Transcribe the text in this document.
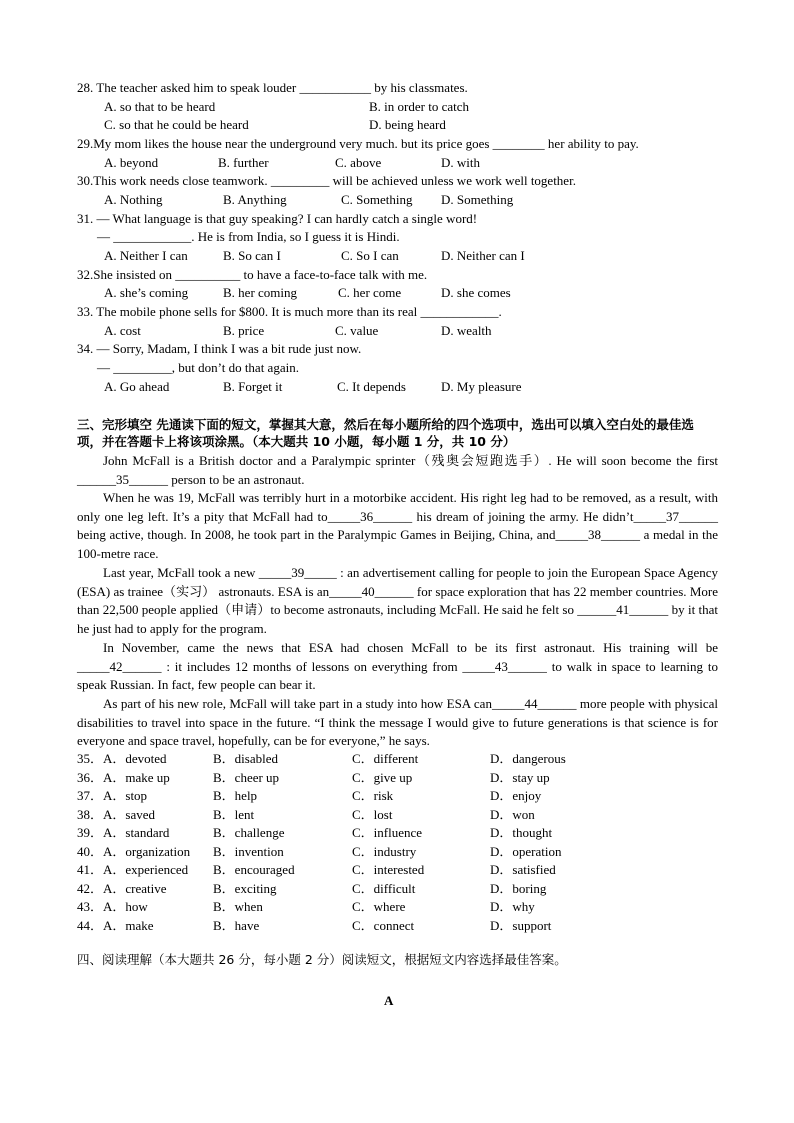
28. The teacher asked him to speak louder ___________ by his classmates.
A. so that to be heard	B. in order to catch
C. so that he could be heard	D. being heard
29.My mom likes the house near the underground very much. but its price goes ________ her ability to pay.
A. beyond	B. further	C. above	D. with
30.This work needs close teamwork. _________ will be achieved unless we work well together.
A. Nothing	B. Anything	C. Something D. Something
31. — What language is that guy speaking? I can hardly catch a single word!
— ____________. He is from India, so I guess it is Hindi.
A. Neither I can	B. So can I	C. So I can	D. Neither can I
32.She insisted on __________ to have a face-to-face talk with me.
A. she’s coming	B. her coming	C. her come	D. she comes
33. The mobile phone sells for $800. It is much more than its real ____________.
A. cost	B. price	C. value	D. wealth
34. — Sorry, Madam, I think I was a bit rude just now.
— _________, but don’t do that again.
A. Go ahead	B. Forget it	C. It depends	D. My pleasure
三、完形填空 先通读下面的短文，掌握其大意，然后在每小题所给的四个选项中，选出可以填入空白处的最佳选项，并在答题卡上将该项涂黑。（本大题共 10 小题，每小题 1 分，共 10 分）
John McFall is a British doctor and a Paralympic sprinter（残奥会短跑选手）. He will soon become the first ______35______ person to be an astronaut.
When he was 19, McFall was terribly hurt in a motorbike accident. His right leg had to be removed, as a result, with only one leg left. It’s a pity that McFall had to_____36______ his dream of joining the army. He didn’t_____37______ being active, though. In 2008, he took part in the Paralympic Games in Beijing, China, and_____38______ a medal in the 100-metre race.
Last year, McFall took a new _____39_____ : an advertisement calling for people to join the European Space Agency (ESA) as trainee（实习） astronauts. ESA is an_____40______ for space exploration that has 22 member countries. More than 22,500 people applied（申请）to become astronauts, including McFall. He said he felt so ______41______ by it that he just had to apply for the program.
In November, came the news that ESA had chosen McFall to be its first astronaut. His training will be _____42______ : it includes 12 months of lessons on everything from _____43______ to walk in space to learning to speak Russian. In fact, few people can bear it.
As part of his new role, McFall will take part in a study into how ESA can_____44______ more people with physical disabilities to travel into space in the future. “I think the message I would give to future generations is that science is for everyone and space travel, hopefully, can be for everyone,” he says.
35． A．devoted	B．disabled	C．different	D．dangerous
36． A．make up	B．cheer up	C．give up	D．stay up
37． A．stop	B．help	C．risk	D．enjoy
38． A．saved	B．lent	C．lost	D．won
39． A．standard	B．challenge	C．influence	D．thought
40． A．organization B．invention	C．industry	D．operation
41． A．experienced B．encouraged	C．interested	D．satisfied
42． A．creative	B．exciting	C．difficult	D．boring
43． A．how	B．when	C．where	D．why
44． A．make	B．have	C．connect	D．support
四、阅读理解（本大题共 26 分，每小题 2 分）阅读短文，根据短文内容选择最佳答案。
A
